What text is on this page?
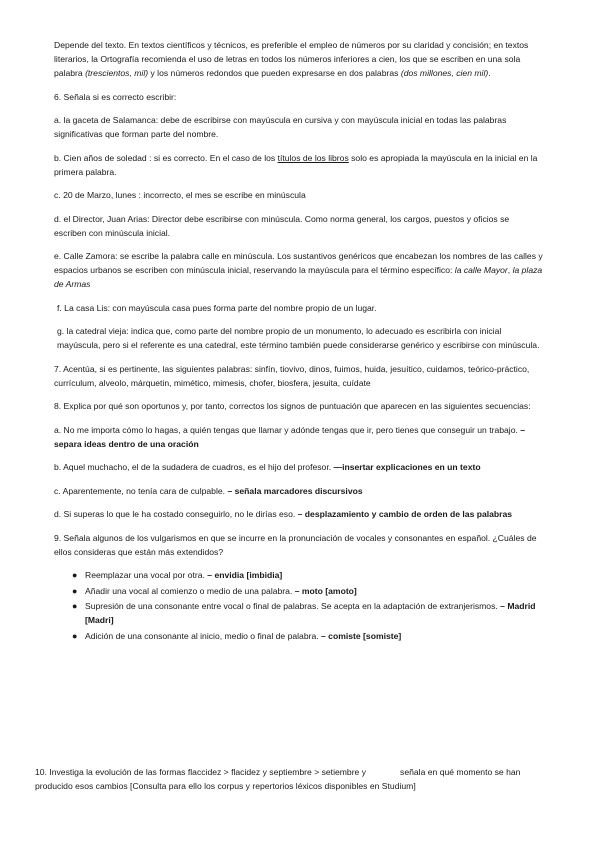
Depende del texto. En textos científicos y técnicos, es preferible el empleo de números por su claridad y concisión; en textos literarios, la Ortografía recomienda el uso de letras en todos los números inferiores a cien, los que se escriben en una sola palabra (trescientos, mil) y los números redondos que pueden expresarse en dos palabras (dos millones, cien mil).

6. Señala si es correcto escribir:

a. la gaceta de Salamanca: debe de escribirse con mayúscula en cursiva y con mayúscula inicial en todas las palabras significativas que forman parte del nombre.

b. Cien años de soledad : si es correcto. En el caso de los títulos de los libros solo es apropiada la mayúscula en la inicial en la primera palabra.

c. 20 de Marzo, lunes : incorrecto, el mes se escribe en minúscula

d. el Director, Juan Arias: Director debe escribirse con minúscula. Como norma general, los cargos, puestos y oficios se escriben con minúscula inicial.

e. Calle Zamora: se escribe la palabra calle en minúscula. Los sustantivos genéricos que encabezan los nombres de las calles y espacios urbanos se escriben con minúscula inicial, reservando la mayúscula para el término específico: la calle Mayor, la plaza de Armas

f. La casa Lis: con mayúscula casa pues forma parte del nombre propio de un lugar.

g. la catedral vieja: indica que, como parte del nombre propio de un monumento, lo adecuado es escribirla con inicial mayúscula, pero si el referente es una catedral, este término también puede considerarse genérico y escribirse con minúscula.

7. Acentúa, si es pertinente, las siguientes palabras: sinfín, tiovivo, dinos, fuimos, huida, jesuítico, cuidamos, teórico-práctico, currículum, alveolo, márquetin, mimético, mimesis, chofer, biosfera, jesuita, cuídate

8. Explica por qué son oportunos y, por tanto, correctos los signos de puntuación que aparecen en las siguientes secuencias:

a. No me importa cómo lo hagas, a quién tengas que llamar y adónde tengas que ir, pero tienes que conseguir un trabajo. – separa ideas dentro de una oración

b. Aquel muchacho, el de la sudadera de cuadros, es el hijo del profesor. —insertar explicaciones en un texto

c. Aparentemente, no tenía cara de culpable. – señala marcadores discursivos

d. Si superas lo que le ha costado conseguirlo, no le dirías eso. – desplazamiento y cambio de orden de las palabras

9. Señala algunos de los vulgarismos en que se incurre en la pronunciación de vocales y consonantes en español. ¿Cuáles de ellos consideras que están más extendidos?

● Reemplazar una vocal por otra. – envidia [imbidia]
● Añadir una vocal al comienzo o medio de una palabra. – moto [amoto]
● Supresión de una consonante entre vocal o final de palabras. Se acepta en la adaptación de extranjerismos. – Madrid [Madri]
● Adición de una consonante al inicio, medio o final de palabra. – comiste [somiste]
10. Investiga la evolución de las formas flaccidez > flacidez y septiembre > setiembre y	señala en qué momento se han producido esos cambios [Consulta para ello los corpus y repertorios léxicos disponibles en Studium]
